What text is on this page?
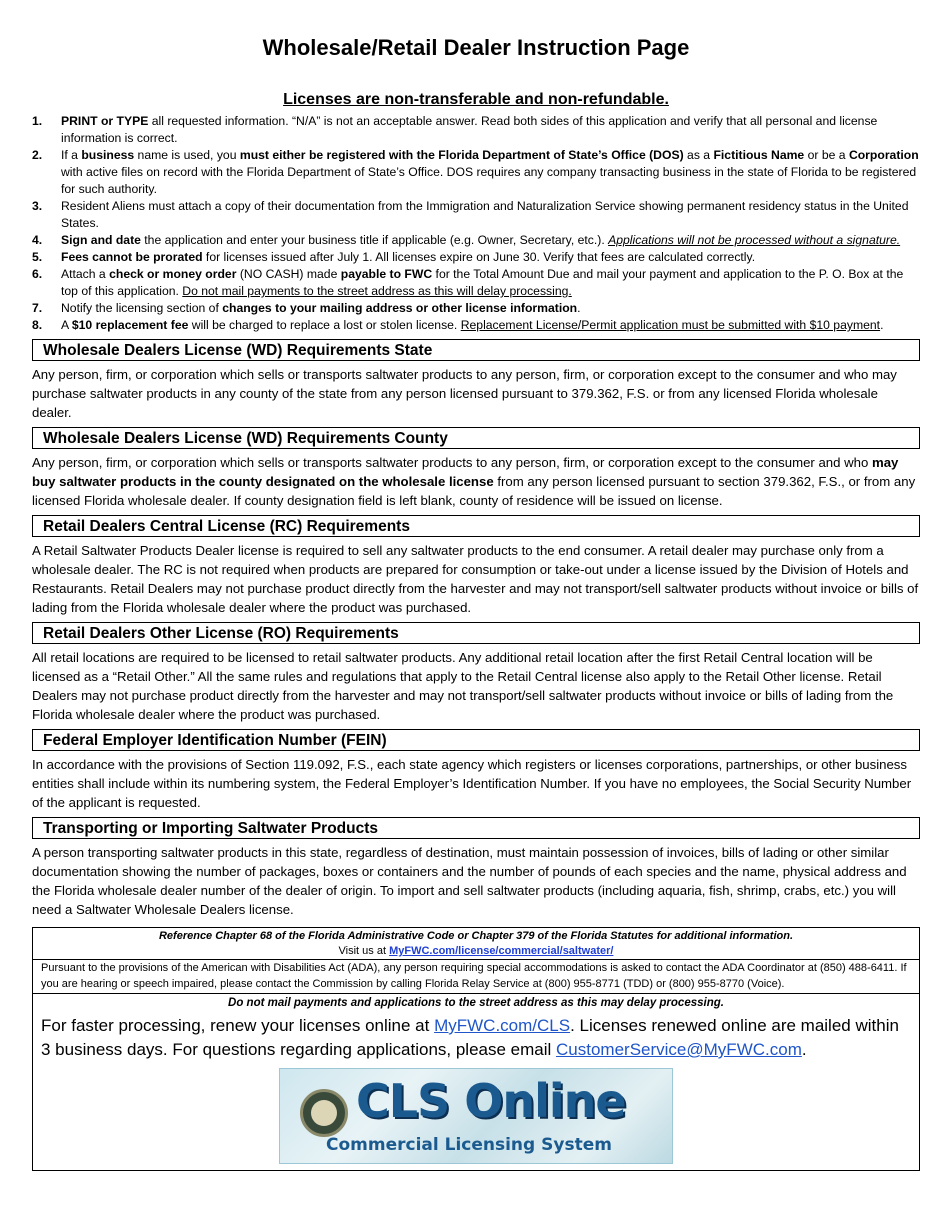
Wholesale/Retail Dealer Instruction Page
Licenses are non-transferable and non-refundable.
1.	PRINT or TYPE all requested information. “N/A” is not an acceptable answer. Read both sides of this application and verify that all personal and license information is correct.
2.	If a business name is used, you must either be registered with the Florida Department of State’s Office (DOS) as a Fictitious Name or be a Corporation with active files on record with the Florida Department of State’s Office. DOS requires any company transacting business in the state of Florida to be registered for such authority.
3.	Resident Aliens must attach a copy of their documentation from the Immigration and Naturalization Service showing permanent residency status in the United States.
4.	Sign and date the application and enter your business title if applicable (e.g. Owner, Secretary, etc.). Applications will not be processed without a signature.
5.	Fees cannot be prorated for licenses issued after July 1. All licenses expire on June 30. Verify that fees are calculated correctly.
6.	Attach a check or money order (NO CASH) made payable to FWC for the Total Amount Due and mail your payment and application to the P. O. Box at the top of this application. Do not mail payments to the street address as this will delay processing.
7.	Notify the licensing section of changes to your mailing address or other license information.
8.	A $10 replacement fee will be charged to replace a lost or stolen license. Replacement License/Permit application must be submitted with $10 payment.
Wholesale Dealers License (WD) Requirements State
Any person, firm, or corporation which sells or transports saltwater products to any person, firm, or corporation except to the consumer and who may purchase saltwater products in any county of the state from any person licensed pursuant to 379.362, F.S. or from any licensed Florida wholesale dealer.
Wholesale Dealers License (WD) Requirements County
Any person, firm, or corporation which sells or transports saltwater products to any person, firm, or corporation except to the consumer and who may buy saltwater products in the county designated on the wholesale license from any person licensed pursuant to section 379.362, F.S., or from any licensed Florida wholesale dealer. If county designation field is left blank, county of residence will be issued on license.
Retail Dealers Central License (RC) Requirements
A Retail Saltwater Products Dealer license is required to sell any saltwater products to the end consumer. A retail dealer may purchase only from a wholesale dealer. The RC is not required when products are prepared for consumption or take-out under a license issued by the Division of Hotels and Restaurants. Retail Dealers may not purchase product directly from the harvester and may not transport/sell saltwater products without invoice or bills of lading from the Florida wholesale dealer where the product was purchased.
Retail Dealers Other License (RO) Requirements
All retail locations are required to be licensed to retail saltwater products. Any additional retail location after the first Retail Central location will be licensed as a “Retail Other.” All the same rules and regulations that apply to the Retail Central license also apply to the Retail Other license. Retail Dealers may not purchase product directly from the harvester and may not transport/sell saltwater products without invoice or bills of lading from the Florida wholesale dealer where the product was purchased.
Federal Employer Identification Number (FEIN)
In accordance with the provisions of Section 119.092, F.S., each state agency which registers or licenses corporations, partnerships, or other business entities shall include within its numbering system, the Federal Employer’s Identification Number. If you have no employees, the Social Security Number of the applicant is requested.
Transporting or Importing Saltwater Products
A person transporting saltwater products in this state, regardless of destination, must maintain possession of invoices, bills of lading or other similar documentation showing the number of packages, boxes or containers and the number of pounds of each species and the name, physical address and the Florida wholesale dealer number of the dealer of origin. To import and sell saltwater products (including aquaria, fish, shrimp, crabs, etc.) you will need a Saltwater Wholesale Dealers license.
Reference Chapter 68 of the Florida Administrative Code or Chapter 379 of the Florida Statutes for additional information.
Visit us at MyFWC.com/license/commercial/saltwater/
Pursuant to the provisions of the American with Disabilities Act (ADA), any person requiring special accommodations is asked to contact the ADA Coordinator at (850) 488-6411. If you are hearing or speech impaired, please contact the Commission by calling Florida Relay Service at (800) 955-8771 (TDD) or (800) 955-8770 (Voice).
Do not mail payments and applications to the street address as this may delay processing.
For faster processing, renew your licenses online at MyFWC.com/CLS. Licenses renewed online are mailed within 3 business days. For questions regarding applications, please email CustomerService@MyFWC.com.
CLS Online
Commercial Licensing System
